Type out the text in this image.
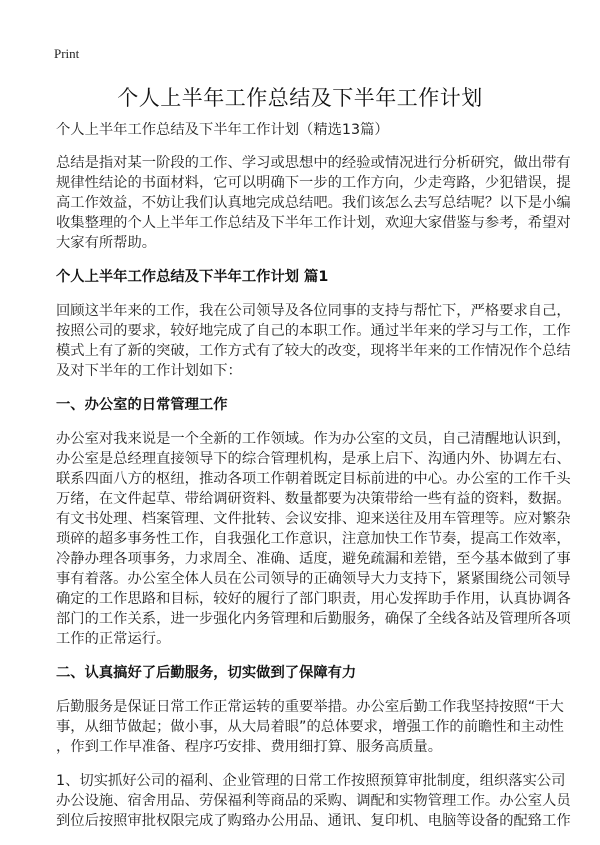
Print
个人上半年工作总结及下半年工作计划
个人上半年工作总结及下半年工作计划（精选13篇）
总结是指对某一阶段的工作、学习或思想中的经验或情况进行分析研究，做出带有
规律性结论的书面材料，它可以明确下一步的工作方向，少走弯路，少犯错误，提
高工作效益，不妨让我们认真地完成总结吧。我们该怎么去写总结呢？以下是小编
收集整理的个人上半年工作总结及下半年工作计划，欢迎大家借鉴与参考，希望对
大家有所帮助。
个人上半年工作总结及下半年工作计划 篇1
回顾这半年来的工作，我在公司领导及各位同事的支持与帮忙下，严格要求自己，
按照公司的要求，较好地完成了自己的本职工作。通过半年来的学习与工作，工作
模式上有了新的突破，工作方式有了较大的改变，现将半年来的工作情况作个总结
及对下半年的工作计划如下：
一、办公室的日常管理工作
办公室对我来说是一个全新的工作领域。作为办公室的文员，自己清醒地认识到，
办公室是总经理直接领导下的综合管理机构，是承上启下、沟通内外、协调左右、
联系四面八方的枢纽，推动各项工作朝着既定目标前进的中心。办公室的工作千头
万绪，在文件起草、带给调研资料、数量都要为决策带给一些有益的资料，数据。
有文书处理、档案管理、文件批转、会议安排、迎来送往及用车管理等。应对繁杂
琐碎的超多事务性工作，自我强化工作意识，注意加快工作节奏，提高工作效率，
冷静办理各项事务，力求周全、准确、适度，避免疏漏和差错，至今基本做到了事
事有着落。办公室全体人员在公司领导的正确领导大力支持下，紧紧围绕公司领导
确定的工作思路和目标，较好的履行了部门职责，用心发挥助手作用，认真协调各
部门的工作关系，进一步强化内务管理和后勤服务，确保了全线各站及管理所各项
工作的正常运行。
二、认真搞好了后勤服务，切实做到了保障有力
后勤服务是保证日常工作正常运转的重要举措。办公室后勤工作我坚持按照“干大
事，从细节做起；做小事，从大局着眼”的总体要求，增强工作的前瞻性和主动性
，作到工作早准备、程序巧安排、费用细打算、服务高质量。
1、切实抓好公司的福利、企业管理的日常工作按照预算审批制度，组织落实公司
办公设施、宿舍用品、劳保福利等商品的采购、调配和实物管理工作。办公室人员
到位后按照审批权限完成了购臵办公用品、通讯、复印机、电脑等设备的配臵工作
